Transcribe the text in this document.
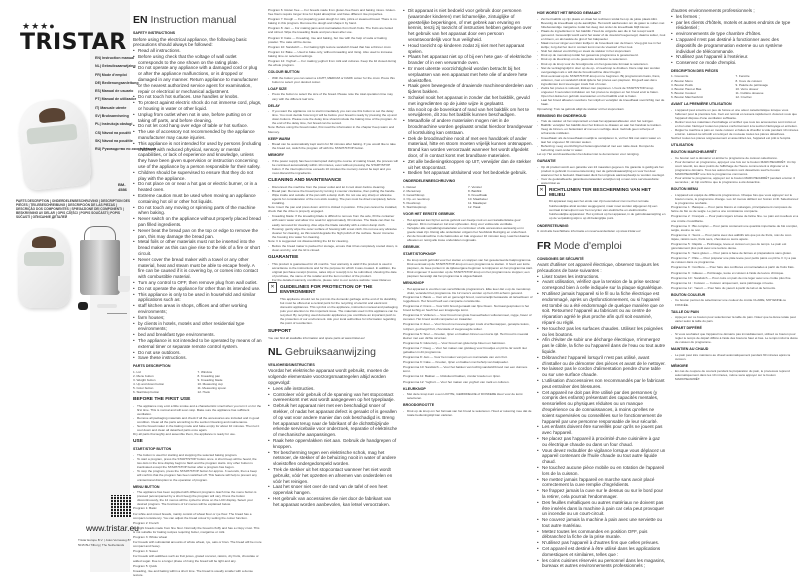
★★★●
TRISTAR
EN| Instruction manual
NL| Gebruiksaanwijzing
FR| Mode d'emploi
DE| Bedienungsanleitung
ES| Manual de usuario
PT| Manual de utilizador
IT| Manuale utente
SV| Bruksanvisning
PL| Instrukcja obsługi
CS| Návod na použití
SK| Návod na použitie
RU| Руководство по эксплуатации
BM-4586
PARTS DESCRIPTION | ONDERDELENBESCHRIJVING | DESCRIPTION DES PIÈCES | TEILEBESCHREIBUNG | DESCRIPCIÓN DE LAS PIEZAS | DESCRIÇÃO DOS COMPONENTES | SPIEGAZIONE DEI COMPONENTI | BESKRIVNING AV DELAR | OPIS CZĘŚCI | POPIS SOUČÁSTÍ | POPIS SÚČASTÍ | ОПИСАНИЕ ДЕТАЛЕЙ
www.tristar.eu
Tristar Europe B.V. | Jules Verneweg 87
5015 BH Tilburg | The Netherlands
EN Instruction manual
SAFETY INSTRUCTIONS
Before using the electrical appliance, the following basic precautions should always be followed:
• Read all instructions.
• Before using check that the voltage of wall outlet corresponds to the one shown on the rating plate.
• Do not operate any appliance with a damaged cord or plug or after the appliance malfunctions, or is dropped or damaged in any manner. Return appliance to manufacturer or the nearest authorized service agent for examination, repair or electrical or mechanical adjustment.
• Do not touch hot surfaces. Use handles or knobs.
• To protect against electric shock do not immerse cord, plugs, or housing in water or other liquid.
• Unplug from outlet when not in use, before putting on or taking off parts, and before cleaning.
• Do not let cord hang over edge of table or hot surface.
• The use of accessory not recommended by the appliance manufacturer may cause injuries.
• This appliance is not intended for used by persons (including children) with reduced physical, sensory or mental capabilities, or lack of experience and knowledge, unless they have been given supervision or instruction concerning use of the appliance by a person responsible for their safety.
• Children should be supervised to ensure that they do not play with the appliance.
• Do not place on or near a hot gas or electric burner, or in a heated oven.
• Extreme caution must be used when moving an appliance containing hot oil or other hot liquids.
• Do not touch any moving or spinning parts of the machine when baking.
• Never switch on the appliance without properly placed bread pan filled ingredients.
• Never beat the bread pan on the top or edge to remove the pan, this may damage the bread pan.
• Metal foils or other materials must not be inserted into the bread maker as this can give rise to the risk of a fire or short circuit.
• Never cover the bread maker with a towel or any other material, heat and steam must be able to escape freely. A fire can be caused if it is covering by, or comes into contact with combustible material.
• Turn any control to OFF, then remove plug from wall outlet.
• Do not operate the appliance for other than its intended use.
• This appliance is only to be used in household and similar applications such as:
• staff kitchen areas in shops, offices and other working environments;
• farm houses;
• by clients in hotels, motels and other residential type environments;
• bed and breakfast type environments.
• The appliance is not intended to be operated by means of an external timer or separate remote control system.
• Do not use outdoors.
• Save these instructions.
PARTS DESCRIPTION
1. Lid	7. Window
2. Menu button	8. Kneading pan
3. Weight button	9. Kneading blade
4. Up and down button	10. Measuring cup
5. Color button	11. Measuring spoon
6. Start/stop button	12. Hook
BEFORE THE FIRST USE
- The appliance may emit a little smoke and a characteristic smell when you turn it on for the first time. This is normal and will soon stop. Make sure the appliance has sufficient ventilation.
- Remove all packaging materials and check if all the accessories are included and in good condition. Clean all the parts according to the section Cleaning and maintenance.
- Set the bread maker in the baking mode and bake empty for about 10 minutes. Then let it cool down and clean all detached parts once again.
Dry all parts thoroughly and assemble them, the appliance is ready for use.
USE
START/STOP BUTTON
- The button is used for starting and stopping the selected baking program.
- To start a program, press the START/STOP button once. A short beep will be heard, the two dots in the time display begin to flash and the program starts. Any other button is inactivated except the START/STOP button after a program has begun.
- To stop the program, press the START/STOP button for approx. 3 seconds, then a beep will confirm that the program has been switched off. This feature will help to prevent any unintentional disruption to the operation of program.
MENU BUTTON
- The appliance has been supplied with different programs. Each time the menu button is pressed (accompanied by a short beep) the program will vary. Press the button discontinuously, the 12 menus will be cycled to show on the LCD display. Select your desired program. The functions of 12 menus will be explained below.
Program 1: Basic
For white and mixed breads, mainly consist of wheat flour or rye flour. The bread has a compact consistency. You can adjust the bread colour by setting the colour function.
Program 2: French
For light breads made from fine flour. Normally the bread is fluffy and has a crispy crust. This is not suitable for baking recipes requiring butter, margarine or milk.
Program 3: Whole wheat
For breads with substantial amounts of whole wheat, rye, oats or bran. The bread will be more compact and heavy.
Program 4: Sweet
For breads with additives such as fruit juices, grated coconut, raisins, dry fruits, chocolate or added sugar. Due to a longer phase of rising the bread will be light and airy.
Program 5: Quick
Kneading, rise and baking within a short time. The bread is usually smaller with a dense texture.
Program 6: Gluten free — For breads made from gluten-free flours and baking mixes. Gluten-free flours require longer time for liquid absorption and have different rise properties.
Program 7: Dough — For preparing yeast dough for rolls, pizza or steamed bread. There is no baking in this program. Remove the dough and shape it by hand.
Program 8: Jam — For making jams and marmalades from fresh fruits. The fruits are boiled and stirred. Wipe the kneading blade and pan clean after use.
Program 9: Cake — Kneading, rise and baking, but rise with the help of soda or baking powder. The cake will be dense.
Program 10: Sandwich — For baking light texture sandwich bread that has a thinner crust.
Program 11: Bake — Used to bake only, without kneading and rising. Also used to increase baking time on selected settings.
Program 12: Yoghurt — For making yoghurt from milk and cultures. Keep the lid closed during the whole program.
COLOUR BUTTON
- With the button you can select a LIGHT, MEDIUM or DARK colour for the crust. Press this button to select your desired colour.
LOAF SIZE
- Press the button to select the size of the bread. Please note the total operation time may vary with the different loaf size.
DELAY
- If you want the appliance not to start immediately you can use this button to set the delay time. You must decide how long it will be before your bread is ready by pressing the up and down buttons. Please note the delay time should include the baking time of the program. At the end of the delay time, hot bread can be served.
Note: Before using the bread maker, first read the information in the chapter Keep warm and Memory.
KEEP WARM
- Bread can be automatically kept warm for 60 minutes after baking. If you would like to take the bread out, switch the program off with the START/STOP button.
MEMORY
- If the power supply has been interrupted during the course of making bread, the process will be continued automatically within 10 minutes, even without pressing the START/STOP button. If the interruption time exceeds 10 minutes the memory cannot be kept and you must discard the ingredients.
CLEANING AND MAINTENANCE
- Disconnect the machine from the power outlet and let it cool down before cleaning.
- Bread pan: Remove the bread pan by turning it counter clockwise, then pulling the handle. Wipe inside and outside of the pan with a damp cloth. Do not use any sharp or abrasive agents for consideration of the non-stick coating. The pan must be dried completely before installing.
Note: Insert the pan and press down until it is clicked in position. If the pan cannot be installed, check that the drive is properly engaged.
- Kneading blade: If the kneading blade is difficult to remove from the axle, fill the container with warm water and allow it to soak for approximately 30 minutes. The blade can then be easily removed for cleaning. Also wipe the blade carefully with a cotton damp cloth.
- Housing: gently wipe the outer surface of housing with a wet cloth. Do not use any abrasive cleaner for cleaning, as this would degrade the high polish of the surface. Never immerse the housing into water for cleaning.
Note: It is suggested not disassembling the lid for cleaning.
- Before the bread maker is packed for storage, ensure that it has completely cooled down, is clean and dry, and the lid is closed.
GUARANTEE
- This product is guaranteed for 24 months. Your warranty is valid if the product is used in accordance to the instructions and for the purpose for which it was created. In addition, the original purchase receipt (invoice, sales slip or receipt) is to be submitted, showing the date of purchase, the name of the retailer and the item number of the product.
- For the detailed warranty conditions, please refer to our service website: www.tristar.eu
✕	GUIDELINES FOR PROTECTION OF THE ENVIRONMENT
This appliance should not be put into the domestic garbage at the end of its durability, but must be offered at a central point for the recycling of electric and electronic domestic appliances. This symbol on the appliance, instruction manual and packaging puts your attention to this important issue. The materials used in this appliance can be recycled. By recycling used domestic appliances you contribute an important push to the protection of our environment. Ask your local authorities for information regarding the point of recollection.
SUPPORT
You can find all available information and spare parts at www.tristar.eu!
NL Gebruiksaanwijzing
VEILIGHEIDSINSTRUCTIES
Voordat het elektrische apparaat wordt gebruikt, moeten de volgende elementaire voorzorgsmaatregelen altijd worden opgevolgd:
• Lees alle instructies.
• Controleer vóór gebruik of de spanning van het stopcontact overeenkomt met wat wordt aangegeven op het typeplaatje.
• Gebruik het apparaat niet met een beschadigd snoer of stekker, of nadat het apparaat defect is geraakt of is gevallen of op wat voor andere manier dan ook beschadigd is. Breng het apparaat terug naar de fabrikant of de dichtstbijzijnde erkende servicebalie voor onderzoek, reparatie of elektrische of mechanische aanpassingen.
• Raak hete oppervlakken niet aan. Gebruik de handgrepen of knoppen.
• Ter bescherming tegen een elektrische schok, mag het netsnoer, de stekker of de behuizing nooit in water of andere vloeistoffen ondergedompeld worden.
• Trek de stekker uit het stopcontact wanneer het niet wordt gebruikt, vóór het opzetten en afnemen van onderdelen en vóór het reinigen.
• Laat het snoer niet over de rand van de tafel of een heet oppervlak hangen.
• Het gebruik van accessoires die niet door de fabrikant van het apparaat worden aanbevolen, kan letsel veroorzaken.
• Dit apparaat is niet bedoeld voor gebruik door personen (waaronder kinderen) met lichamelijke, zintuiglijke of geestelijke beperkingen, of met gebrek aan ervaring en kennis, tenzij zij toezicht of instructies hebben gekregen over het gebruik van het apparaat door een persoon verantwoordelijk voor hun veiligheid.
• Houd toezicht op kinderen zodat zij niet met het apparaat spelen.
• Plaats het apparaat niet op of bij een hete gas- of elektrische brander of in een verwarmde oven.
• Er moet uiterste voorzichtigheid worden betracht bij het verplaatsen van een apparaat met hete olie of andere hete vloeistoffen.
• Raak geen bewegende of draaiende machineonderdelen aan tijdens bakken.
• Schakel nooit het apparaat in zonder dat het bakblik, gevuld met ingrediënten op de juiste wijze is geplaatst.
• Sla nooit op de bovenkant of rand van het bakblik om het te verwijderen, dit zou het bakblik kunnen beschadigen.
• Metaalfolie of andere materialen mogen niet in de broodmachine worden geplaatst omdat hierdoor brandgevaar of kortsluiting kan ontstaan.
• Dek de broodmachine nooit af met een handdoek of ander materiaal, hitte en stoom moeten vrijelijk kunnen ontsnappen. Brand kan worden veroorzaakt wanneer het wordt afgedekt door, of in contact komt met brandbare materialen.
• Zet alle bedieningsknoppen op UIT, verwijder dan de stekker uit het stopcontact.
• Bedien het apparaat uitsluitend voor het bedoelde gebruik.
ONDERDELENBESCHRIJVING
1. Deksel	7. Venster
2. Menuknop	8. Bakblik
3. Gewichtknop	9. Kneedhaak
4. Op- en neerknop	10. Maatbeker
5. Kleurknop	11. Maatlepel
6. Start/stopknop	12. Haak
VOOR HET EERSTE GEBRUIK
- Het apparaat kan bij het eerste gebruik een beetje rook en een karakteristieke geur afgeven. Dit is normaal en zal snel ophouden. Zorg voor voldoende ventilatie.
- Verwijder alle verpakkingsmaterialen en controleer of alle accessoires aanwezig en in goede staat zijn. Reinig alle onderdelen volgens het hoofdstuk Reiniging en onderhoud.
- Zet de broodmachine in de bakmodus en bak ongeveer 10 minuten leeg. Laat het daarna afkoelen en reinig alle losse onderdelen nogmaals.
GEBRUIK
START/STOPKNOP
- De knop wordt gebruikt voor het starten en stoppen van het geselecteerde bakprogramma. Druk eenmaal op de START/STOP-knop om een programma te starten. U hoort een korte pieptoon, de twee punten in de tijdweergave beginnen te knipperen en het programma start.
- Druk ongeveer 3 seconden op de START/STOP-knop om het programma te stoppen; een pieptoon bevestigt dat het programma is uitgeschakeld.
MENUKNOP
- Het apparaat is voorzien van verschillende programma's. Elke keer dat u op de menuknop drukt, verandert het programma. De 12 menu's worden op het LCD-scherm getoond.
Programma 1: Basis — Voor wit en gemengd brood, voornamelijk bestaande uit tarwebloem of roggebloem. Het brood heeft een compacte consistentie.
Programma 2: Frans — Voor licht brood gemaakt van fijne bloem. Normaal gesproken is het brood luchtig en heeft het een knapperige korst.
Programma 3: Volkoren — Voor brood met grote hoeveelheden volkorenmeel, rogge, haver of zemelen. Het brood wordt compacter en zwaarder.
Programma 4: Zoet — Voor brood met toevoegingen zoals vruchtensappen, geraspte kokos, rozijnen, gedroogd fruit, chocolade of toegevoegde suiker.
Programma 5: Snel — Kneden, rijzen en bakken binnen een korte tijd. Het brood is meestal kleiner met een dichte structuur.
Programma 6: Glutenvrij — Voor brood van glutenvrije bloem en bakmixen.
Programma 7: Deeg — Voor het maken van gistdeeg voor broodjes en pizza. Er wordt niet gebakken in dit programma.
Programma 8: Jam — Voor het maken van jam en marmelade van vers fruit.
Programma 9: Cake — Kneden, rijzen en bakken met behulp van bakpoeder.
Programma 10: Sandwich — Voor het bakken van luchtig sandwichbrood met een dunnere korst.
Programma 11: Bakken — Uitsluitend bakken, zonder kneden en rijzen.
Programma 12: Yoghurt — Voor het maken van yoghurt van melk en culturen.
KLEURKNOP
- Met deze knop kunt u een LICHTE, GEMIDDELDE of DONKERE kleur voor de korst selecteren.
BROODGROOTTE
- Druk op de knop om het formaat van het brood te selecteren. Houd er rekening mee dat de totale bedieningstijd kan variëren.
HOE WORDT HET BROOD GEMAAKT
- Zet het bakblik op zijn plaats en draai het rechtsom totdat het op de juiste plaats klikt. Bevestig de kneedhaak op de aandrijfas. Het wordt aanbevolen om de gaten te vullen met hittebestendige margarine zodat het deeg niet onder de kneedhaak blijft kleven.
- Plaats de ingrediënten in het bakblik. Houd de volgorde aan die in het recept wordt genoemd. Gewoonlijk wordt eerst het water of de vloeistof toegevoegd, daarna suiker, zout en bloem, en als laatste de gist of het bakpoeder.
- Maak met uw vinger een klein kuiltje in de bovenkant van de bloem. Voeg gist toe in het kuiltje; zorg dat het niet in contact komt met de vloeistof of het zout.
- Sluit het deksel voorzichtig en steek de stekker in het stopcontact.
- Druk op de menuknop totdat het gewenste programma is geselecteerd.
- Druk op de kleurknop om de gewenste korstkleur te selecteren.
- Druk op de knop voor de broodgrootte om het gewenste formaat te selecteren.
- Stel de vertragingstijd in door op de op- of neerknop te drukken. Deze stap kan worden overgeslagen als u wilt dat de broodmachine direct begint.
- Druk eenmaal op de START/STOP-knop om te beginnen. Bij programma's basis, frans, volkoren, zoet en sandwich klinkt tijdens het proces een pieptoon. Dit geeft aan dat u ingrediënten kunt toevoegen zoals fruit of noten.
- Zodra het proces is voltooid, klinken tien pieptonen. U kunt de START/STOP-knop ongeveer 3 seconden indrukken om het proces te stoppen en het brood eruit te halen. Open het deksel en gebruik ovenwanten om het bakblik eruit te halen.
- Laat het brood afkoelen voordat u het snijdt en verwijder de kneedhaak voorzichtig met de haak.
Opmerking: Trek na gebruik altijd de stekker uit het stopcontact.
REINIGING EN ONDERHOUD
- Trek de stekker uit het stopcontact en laat het apparaat afkoelen vóór het reinigen.
- Bakblik: verwijder het bakblik door het linksom te draaien en aan het handvat te trekken. Veeg de binnen- en buitenkant af met een vochtige doek. Gebruik geen scherpe of schurende middelen.
- Kneedhaak: als de kneedhaak moeilijk te verwijderen is, vul het blik met warm water en laat het ongeveer 30 minuten weken.
- Behuizing: veeg voorzichtig het buitenoppervlak af met een natte doek. Dompel de behuizing nooit onder in water.
Let op: Het wordt aanbevolen het deksel niet te demonteren voor reiniging.
GARANTIE
- Op dit product wordt een garantie van 24 maanden gegeven. De garantie is geldig als het product is gebruikt in overeenstemming met de gebruiksaanwijzing en voor het doel waarvoor het is bedoeld. Daarnaast dient het originele aankoopbewijs te worden overlegd.
- Voor de gedetailleerde garantievoorwaarden verwijzen wij u naar onze servicewebsite: www.tristar.eu
✕	RICHTLIJNEN TER BESCHERMING VAN HET MILIEU
Dit apparaat mag aan het einde van zijn levensduur niet met het normale huishoudelijke afval worden weggegooid, maar moet worden afgegeven bij een centraal inzamelpunt voor het recyclen van elektrische en elektronische huishoudelijke apparatuur. Het symbool op het apparaat, in de gebruiksaanwijzing en op de verpakking wijst u op dit belangrijke punt.
ONDERSTEUNING
U vindt alle beschikbare informatie en reserveonderdelen op www.tristar.eu!
FR Mode d'emploi
CONSIGNES DE SÉCURITÉ
Avant d'utiliser cet appareil électrique, observez toujours les précautions de base suivantes :
• Lisez toutes les instructions.
• Avant utilisation, vérifiez que la tension de la prise secteur correspond bien à celle indiquée sur la plaque signalétique.
• N'utilisez jamais l'appareil si le fil ou la fiche électrique est endommagé, après un dysfonctionnement, ou si l'appareil est tombé ou a été endommagé de quelque manière que ce soit. Retournez l'appareil au fabricant ou au centre de réparation agréé le plus proche afin qu'il soit examiné, réparé ou réglé.
• Ne touchez pas les surfaces chaudes. Utilisez les poignées ou les boutons.
• Afin d'éviter de subir une décharge électrique, n'immergez pas le câble, la fiche ou l'appareil dans de l'eau ou tout autre liquide.
• Débranchez l'appareil lorsqu'il n'est pas utilisé, avant d'installer ou de démonter des pièces et avant de le nettoyer.
• Ne laissez pas le cordon d'alimentation pendre d'une table ou sur une surface chaude.
• L'utilisation d'accessoires non recommandés par le fabricant peut entraîner des blessures.
• Cet appareil ne doit pas être utilisé par des personnes (y compris des enfants) présentant des capacités mentales, sensorielles ou physiques réduites ou un manque d'expérience ou de connaissances, à moins qu'elles ne soient supervisées ou conseillées sur le fonctionnement de l'appareil par une personne responsable de leur sécurité.
• Les enfants doivent être surveillés pour qu'ils ne jouent pas avec l'appareil.
• Ne placez pas l'appareil à proximité d'une cuisinière à gaz ou électrique chaude ou dans un four chaud.
• Vous devez redoubler de vigilance lorsque vous déplacez un appareil contenant de l'huile chaude ou tout autre liquide chaud.
• Ne touchez aucune pièce mobile ou en rotation de l'appareil lors de la cuisson.
• Ne mettez jamais l'appareil en marche sans avoir placé correctement la cuve remplie d'ingrédients.
• Ne frappez jamais la cuve sur le dessus ou sur le bord pour la retirer, cela pourrait l'endommager.
• Des feuilles métalliques ou autres matériaux ne doivent pas être insérés dans la machine à pain car cela peut provoquer un incendie ou un court-circuit.
• Ne couvrez jamais la machine à pain avec une serviette ou tout autre matériau.
• Mettez toutes les commandes en position OFF, puis débranchez la fiche de la prise murale.
• N'utilisez pas l'appareil à d'autres fins que celles prévues.
• Cet appareil est destiné à être utilisé dans les applications domestiques et similaires, telles que :
• les coins cuisines réservés au personnel dans les magasins, bureaux et autres environnements professionnels ;
d'autres environnements professionnels ;
• les fermes ;
• par les clients d'hôtels, motels et autres endroits de type résidentiel ;
• environnements de type chambre d'hôtes.
• L'appareil n'est pas destiné à fonctionner avec des dispositifs de programmation externe ou un système individuel de télécommande.
• N'utilisez pas l'appareil à l'extérieur.
• Conservez ce mode d'emploi.
DESCRIPTION DES PIÈCES
1. Couvercle	7. Fenêtre
2. Bouton Menu	8. Cuve de cuisson
3. Bouton Poids	9. Palette de pétrissage
4. Bouton Haut et Bas	10. Verre doseur
5. Bouton Couleur	11. Cuillère doseuse
6. Bouton Marche/Arrêt	12. Crochet
AVANT LA PREMIÈRE UTILISATION
- L'appareil peut émettre un peu de fumée et une odeur caractéristique lorsque vous l'allumez pour la première fois. Ceci est normal et cessera rapidement. Assurez-vous que l'appareil dispose d'une ventilation suffisante.
- Retirez tous les matériaux d'emballage et vérifiez que tous les accessoires sont inclus et en bon état. Nettoyez toutes les pièces conformément à la section Nettoyage et entretien.
- Réglez la machine à pain en mode cuisson et faites-la chauffer à vide pendant 10 minutes environ. Laissez-la refroidir et nettoyez de nouveau toutes les pièces détachées.
Séchez toutes les pièces soigneusement et assemblez-les, l'appareil est prêt à l'emploi.
UTILISATION
BOUTON MARCHE/ARRÊT
- Ce bouton sert à démarrer et arrêter le programme de cuisson sélectionné.
- Pour démarrer un programme, appuyez une fois sur le bouton MARCHE/ARRÊT. Un bip court retentit, les deux points de l'affichage de l'heure commencent à clignoter et le programme démarre. Tous les autres boutons sont désactivés sauf le bouton MARCHE/ARRÊT une fois le programme commencé.
- Pour arrêter le programme, appuyez sur le bouton MARCHE/ARRÊT pendant environ 3 secondes ; un bip confirme que le programme a été désactivé.
BOUTON MENU
- L'appareil est équipé de différents programmes. Chaque fois que vous appuyez sur le bouton menu, le programme change. Les 12 menus défilent sur l'écran LCD. Sélectionnez le programme souhaité.
Programme 1 : Basique — Pour pains blancs et mélangés, principalement composés de farine de blé ou de seigle. Le pain a une consistance compacte.
Programme 2 : Français — Pour pains légers à base de farine fine. Le pain est moelleux et a une croûte croustillante.
Programme 3 : Blé complet — Pour pains contenant une quantité importante de blé complet, seigle, avoine ou son.
Programme 4 : Sucré — Pour pains avec des additifs tels que jus de fruits, noix de coco râpée, raisins secs, fruits secs, chocolat ou sucre ajouté.
Programme 5 : Rapide — Pétrissage, levée et cuisson en peu de temps. Le pain est généralement plus petit avec une texture dense.
Programme 6 : Sans gluten — Pour pains à base de farines et préparations sans gluten.
Programme 7 : Pâte — Pour préparer une pâte levée pour petits pains ou pizza. Il n'y a pas de cuisson dans ce programme.
Programme 8 : Confiture — Pour faire des confitures et marmelades à partir de fruits frais.
Programme 9 : Gâteau — Pétrissage, levée et cuisson à l'aide de levure chimique.
Programme 10 : Sandwich — Pour cuire un pain de mie léger avec une croûte plus fine.
Programme 11 : Cuisson — Cuisson uniquement, sans pétrissage ni levée.
Programme 12 : Yaourt — Pour faire du yaourt à partir de lait et de ferments.
BOUTON COULEUR
- Ce bouton permet de sélectionner une couleur de croûte CLAIRE, MOYENNE ou FONCÉE.
TAILLE DU PAIN
- Appuyez sur ce bouton pour sélectionner la taille du pain. Notez que la durée totale peut varier selon la taille du pain.
DÉPART DIFFÉRÉ
- Si vous souhaitez que l'appareil ne démarre pas immédiatement, utilisez ce bouton pour régler le temps de départ différé à l'aide des boutons haut et bas. Le temps inclut la durée de cuisson du programme.
MAINTIEN AU CHAUD
- Le pain peut être maintenu au chaud automatiquement pendant 60 minutes après la cuisson.
MÉMOIRE
- En cas de coupure de courant pendant la préparation du pain, le processus reprend automatiquement dans les 10 minutes, même sans appuyer sur le bouton MARCHE/ARRÊT.
